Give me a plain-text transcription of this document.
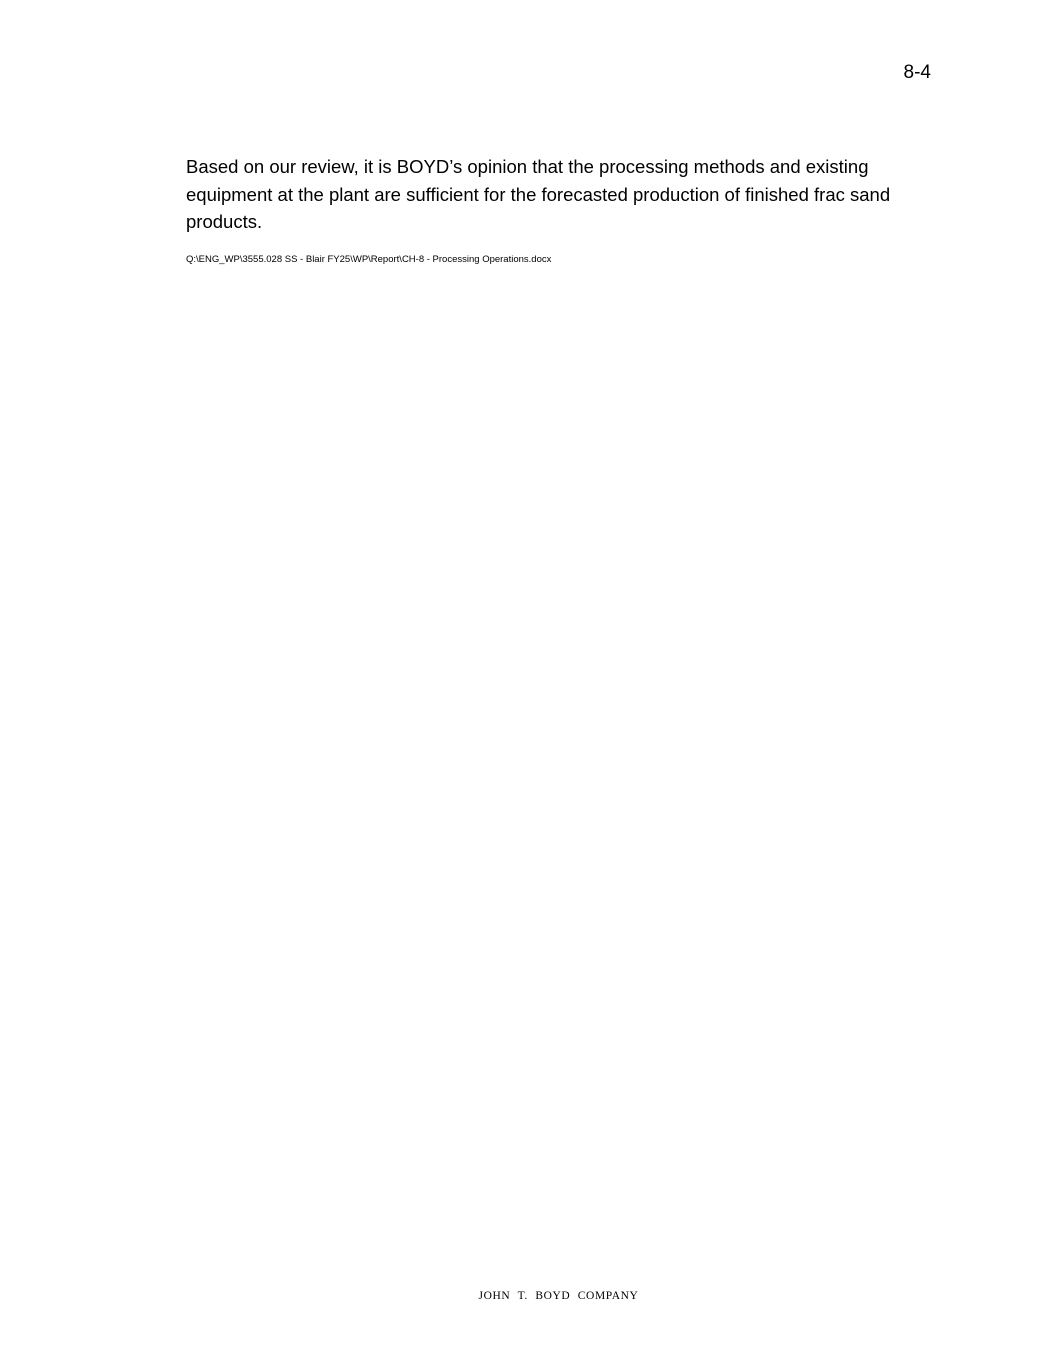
8-4

Based on our review, it is BOYD’s opinion that the processing methods and existing equipment at the plant are sufficient for the forecasted production of finished frac sand products.

Q:\ENG_WP\3555.028 SS - Blair FY25\WP\Report\CH-8 - Processing Operations.docx
JOHN T. BOYD COMPANY
